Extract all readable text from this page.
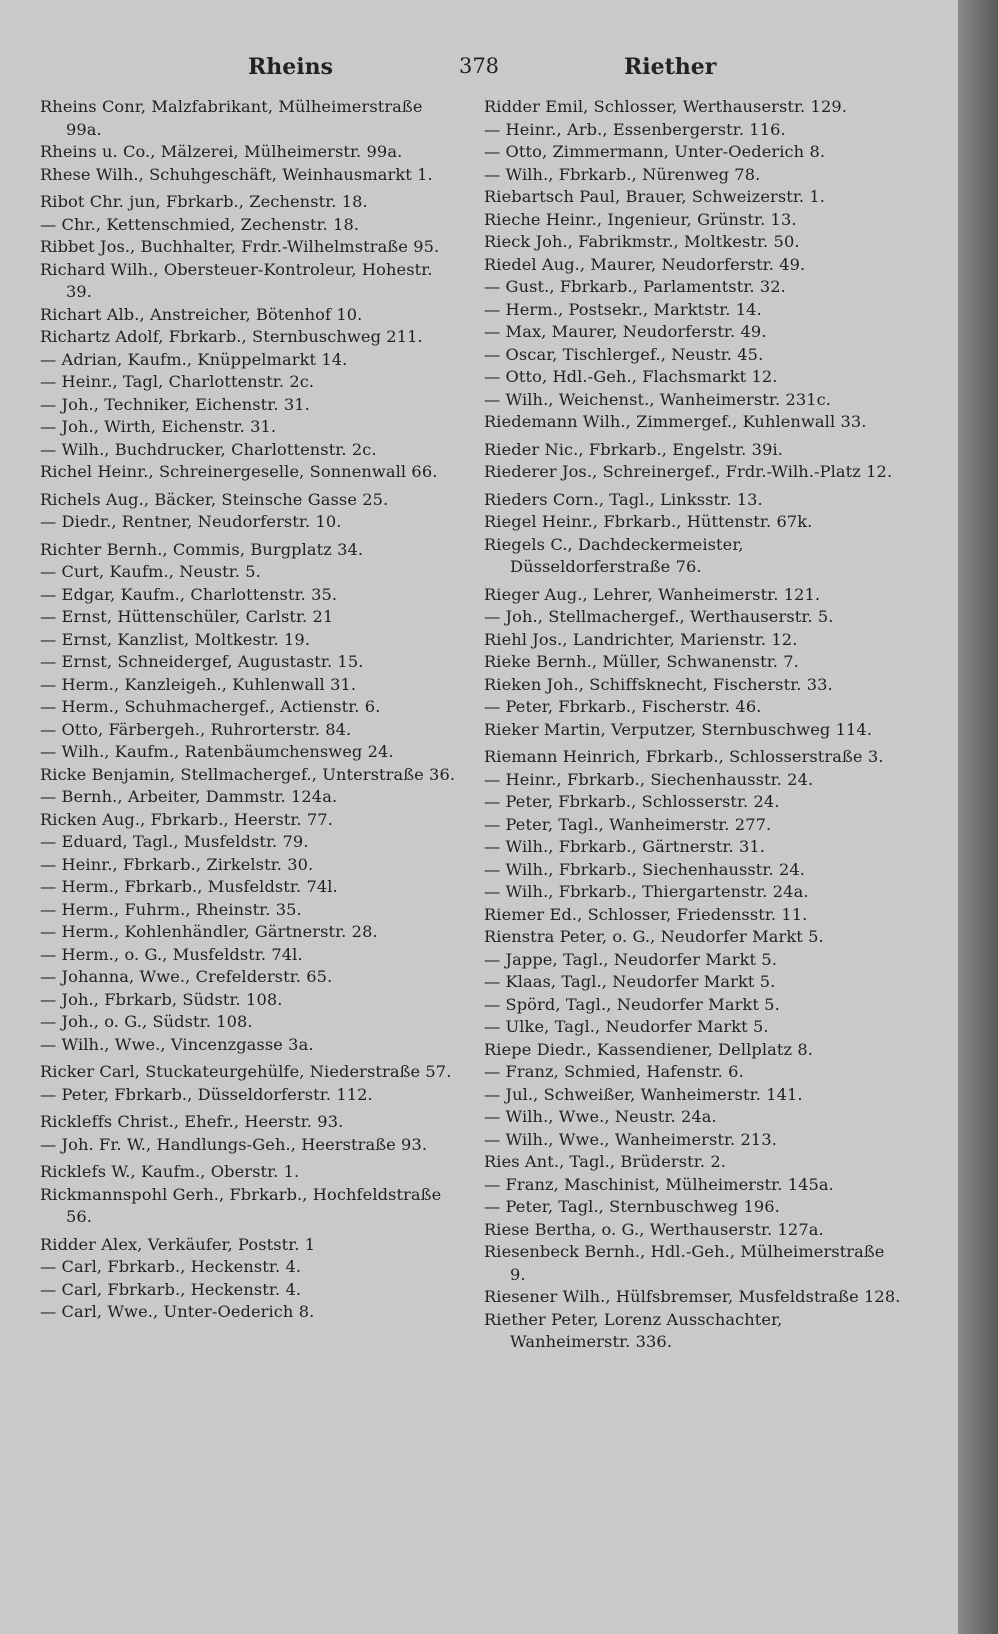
Rheins	378	Riether
Rheins Conr, Malzfabrikant, Mülheimerstraße 99a.
Rheins u. Co., Mälzerei, Mülheimerstr. 99a.
Rhese Wilh., Schuhgeschäft, Weinhausmarkt 1.
Ribot Chr. jun, Fbrkarb., Zechenstr. 18.
— Chr., Kettenschmied, Zechenstr. 18.
Ribbet Jos., Buchhalter, Frdr.-Wilhelmstraße 95.
Richard Wilh., Obersteuer-Kontroleur, Hohestr. 39.
Richart Alb., Anstreicher, Bötenhof 10.
Richartz Adolf, Fbrkarb., Sternbuschweg 211.
— Adrian, Kaufm., Knüppelmarkt 14.
— Heinr., Tagl, Charlottenstr. 2c.
— Joh., Techniker, Eichenstr. 31.
— Joh., Wirth, Eichenstr. 31.
— Wilh., Buchdrucker, Charlottenstr. 2c.
Richel Heinr., Schreinergeselle, Sonnenwall 66.
Richels Aug., Bäcker, Steinsche Gasse 25.
— Diedr., Rentner, Neudorferstr. 10.
Richter Bernh., Commis, Burgplatz 34.
— Curt, Kaufm., Neustr. 5.
— Edgar, Kaufm., Charlottenstr. 35.
— Ernst, Hüttenschüler, Carlstr. 21
— Ernst, Kanzlist, Moltkestr. 19.
— Ernst, Schneidergef, Augustastr. 15.
— Herm., Kanzleigeh., Kuhlenwall 31.
— Herm., Schuhmachergef., Actienstr. 6.
— Otto, Färbergeh., Ruhrorterstr. 84.
— Wilh., Kaufm., Ratenbäumchensweg 24.
Ricke Benjamin, Stellmachergef., Unterstraße 36.
— Bernh., Arbeiter, Dammstr. 124a.
Ricken Aug., Fbrkarb., Heerstr. 77.
— Eduard, Tagl., Musfeldstr. 79.
— Heinr., Fbrkarb., Zirkelstr. 30.
— Herm., Fbrkarb., Musfeldstr. 74l.
— Herm., Fuhrm., Rheinstr. 35.
— Herm., Kohlenhändler, Gärtnerstr. 28.
— Herm., o. G., Musfeldstr. 74l.
— Johanna, Wwe., Crefelderstr. 65.
— Joh., Fbrkarb, Südstr. 108.
— Joh., o. G., Südstr. 108.
— Wilh., Wwe., Vincenzgasse 3a.
Ricker Carl, Stuckateurgehülfe, Niederstraße 57.
— Peter, Fbrkarb., Düsseldorferstr. 112.
Rickleffs Christ., Ehefr., Heerstr. 93.
— Joh. Fr. W., Handlungs-Geh., Heerstraße 93.
Ricklefs W., Kaufm., Oberstr. 1.
Rickmannspohl Gerh., Fbrkarb., Hochfeldstraße 56.
Ridder Alex, Verkäufer, Poststr. 1
— Carl, Fbrkarb., Heckenstr. 4.
— Carl, Fbrkarb., Heckenstr. 4.
— Carl, Wwe., Unter-Oederich 8.
Ridder Emil, Schlosser, Werthauserstr. 129.
— Heinr., Arb., Essenbergerstr. 116.
— Otto, Zimmermann, Unter-Oederich 8.
— Wilh., Fbrkarb., Nürenweg 78.
Riebartsch Paul, Brauer, Schweizerstr. 1.
Rieche Heinr., Ingenieur, Grünstr. 13.
Rieck Joh., Fabrikmstr., Moltkestr. 50.
Riedel Aug., Maurer, Neudorferstr. 49.
— Gust., Fbrkarb., Parlamentstr. 32.
— Herm., Postsekr., Marktstr. 14.
— Max, Maurer, Neudorferstr. 49.
— Oscar, Tischlergef., Neustr. 45.
— Otto, Hdl.-Geh., Flachsmarkt 12.
— Wilh., Weichenst., Wanheimerstr. 231c.
Riedemann Wilh., Zimmergef., Kuhlenwall 33.
Rieder Nic., Fbrkarb., Engelstr. 39i.
Riederer Jos., Schreinergef., Frdr.-Wilh.-Platz 12.
Rieders Corn., Tagl., Linksstr. 13.
Riegel Heinr., Fbrkarb., Hüttenstr. 67k.
Riegels C., Dachdeckermeister, Düsseldorferstraße 76.
Rieger Aug., Lehrer, Wanheimerstr. 121.
— Joh., Stellmachergef., Werthauserstr. 5.
Riehl Jos., Landrichter, Marienstr. 12.
Rieke Bernh., Müller, Schwanenstr. 7.
Rieken Joh., Schiffsknecht, Fischerstr. 33.
— Peter, Fbrkarb., Fischerstr. 46.
Rieker Martin, Verputzer, Sternbuschweg 114.
Riemann Heinrich, Fbrkarb., Schlosserstraße 3.
— Heinr., Fbrkarb., Siechenhausstr. 24.
— Peter, Fbrkarb., Schlosserstr. 24.
— Peter, Tagl., Wanheimerstr. 277.
— Wilh., Fbrkarb., Gärtnerstr. 31.
— Wilh., Fbrkarb., Siechenhausstr. 24.
— Wilh., Fbrkarb., Thiergartenstr. 24a.
Riemer Ed., Schlosser, Friedensstr. 11.
Rienstra Peter, o. G., Neudorfer Markt 5.
— Jappe, Tagl., Neudorfer Markt 5.
— Klaas, Tagl., Neudorfer Markt 5.
— Spörd, Tagl., Neudorfer Markt 5.
— Ulke, Tagl., Neudorfer Markt 5.
Riepe Diedr., Kassendiener, Dellplatz 8.
— Franz, Schmied, Hafenstr. 6.
— Jul., Schweißer, Wanheimerstr. 141.
— Wilh., Wwe., Neustr. 24a.
— Wilh., Wwe., Wanheimerstr. 213.
Ries Ant., Tagl., Brüderstr. 2.
— Franz, Maschinist, Mülheimerstr. 145a.
— Peter, Tagl., Sternbuschweg 196.
Riese Bertha, o. G., Werthauserstr. 127a.
Riesenbeck Bernh., Hdl.-Geh., Mülheimerstraße 9.
Riesener Wilh., Hülfsbremser, Musfeldstraße 128.
Riether Peter, Lorenz Ausschachter, Wanheimerstr. 336.
